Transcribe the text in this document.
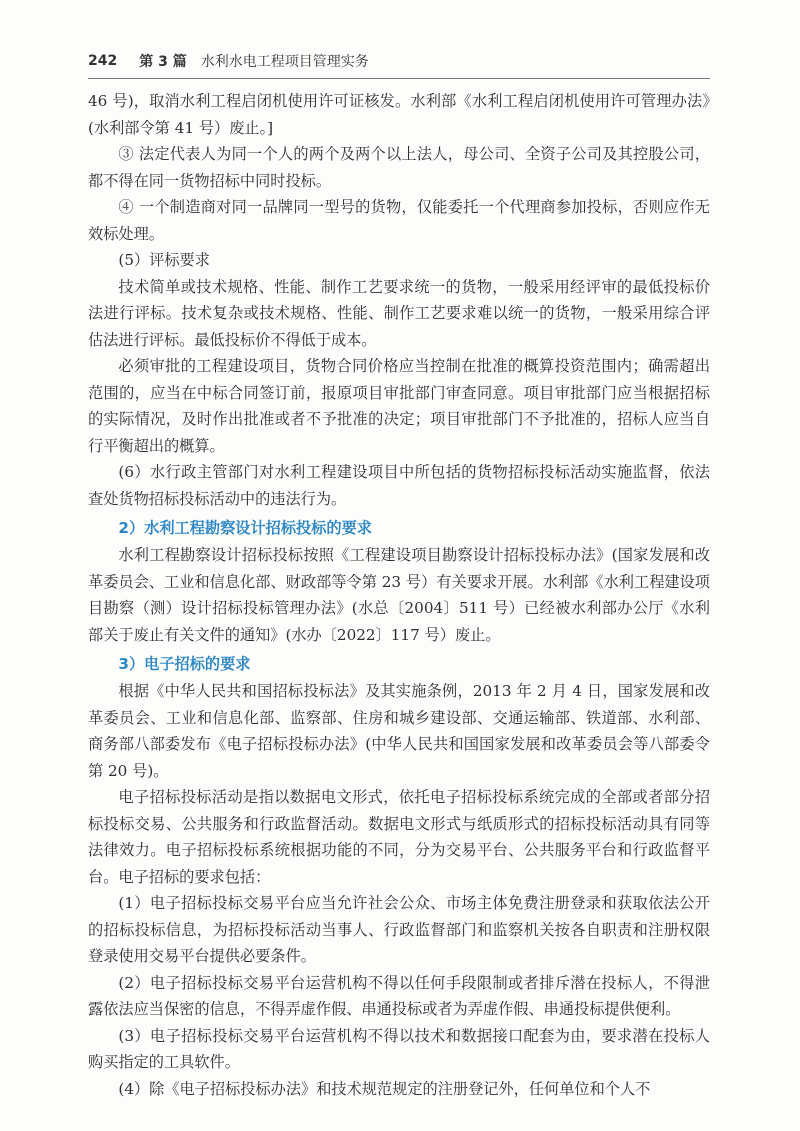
242 第 3 篇 水利水电工程项目管理实务

46 号)，取消水利工程启闭机使用许可证核发。水利部《水利工程启闭机使用许可管理办法》(水利部令第 41 号）废止。]

③ 法定代表人为同一个人的两个及两个以上法人，母公司、全资子公司及其控股公司，都不得在同一货物招标中同时投标。

④ 一个制造商对同一品牌同一型号的货物，仅能委托一个代理商参加投标，否则应作无效标处理。

(5）评标要求

技术简单或技术规格、性能、制作工艺要求统一的货物，一般采用经评审的最低投标价法进行评标。技术复杂或技术规格、性能、制作工艺要求难以统一的货物，一般采用综合评估法进行评标。最低投标价不得低于成本。

必须审批的工程建设项目，货物合同价格应当控制在批准的概算投资范围内；确需超出范围的，应当在中标合同签订前，报原项目审批部门审查同意。项目审批部门应当根据招标的实际情况，及时作出批准或者不予批准的决定；项目审批部门不予批准的，招标人应当自行平衡超出的概算。

(6）水行政主管部门对水利工程建设项目中所包括的货物招标投标活动实施监督，依法查处货物招标投标活动中的违法行为。

2）水利工程勘察设计招标投标的要求

水利工程勘察设计招标投标按照《工程建设项目勘察设计招标投标办法》(国家发展和改革委员会、工业和信息化部、财政部等令第 23 号）有关要求开展。水利部《水利工程建设项目勘察（测）设计招标投标管理办法》(水总〔2004〕511 号）已经被水利部办公厅《水利部关于废止有关文件的通知》(水办〔2022〕117 号）废止。

3）电子招标的要求

根据《中华人民共和国招标投标法》及其实施条例，2013 年 2 月 4 日，国家发展和改革委员会、工业和信息化部、监察部、住房和城乡建设部、交通运输部、铁道部、水利部、商务部八部委发布《电子招标投标办法》(中华人民共和国国家发展和改革委员会等八部委令第 20 号)。

电子招标投标活动是指以数据电文形式，依托电子招标投标系统完成的全部或者部分招标投标交易、公共服务和行政监督活动。数据电文形式与纸质形式的招标投标活动具有同等法律效力。电子招标投标系统根据功能的不同，分为交易平台、公共服务平台和行政监督平台。电子招标的要求包括：

(1）电子招标投标交易平台应当允许社会公众、市场主体免费注册登录和获取依法公开的招标投标信息，为招标投标活动当事人、行政监督部门和监察机关按各自职责和注册权限登录使用交易平台提供必要条件。

(2）电子招标投标交易平台运营机构不得以任何手段限制或者排斥潜在投标人，不得泄露依法应当保密的信息，不得弄虚作假、串通投标或者为弄虚作假、串通投标提供便利。

(3）电子招标投标交易平台运营机构不得以技术和数据接口配套为由，要求潜在投标人购买指定的工具软件。

(4）除《电子招标投标办法》和技术规范规定的注册登记外，任何单位和个人不
